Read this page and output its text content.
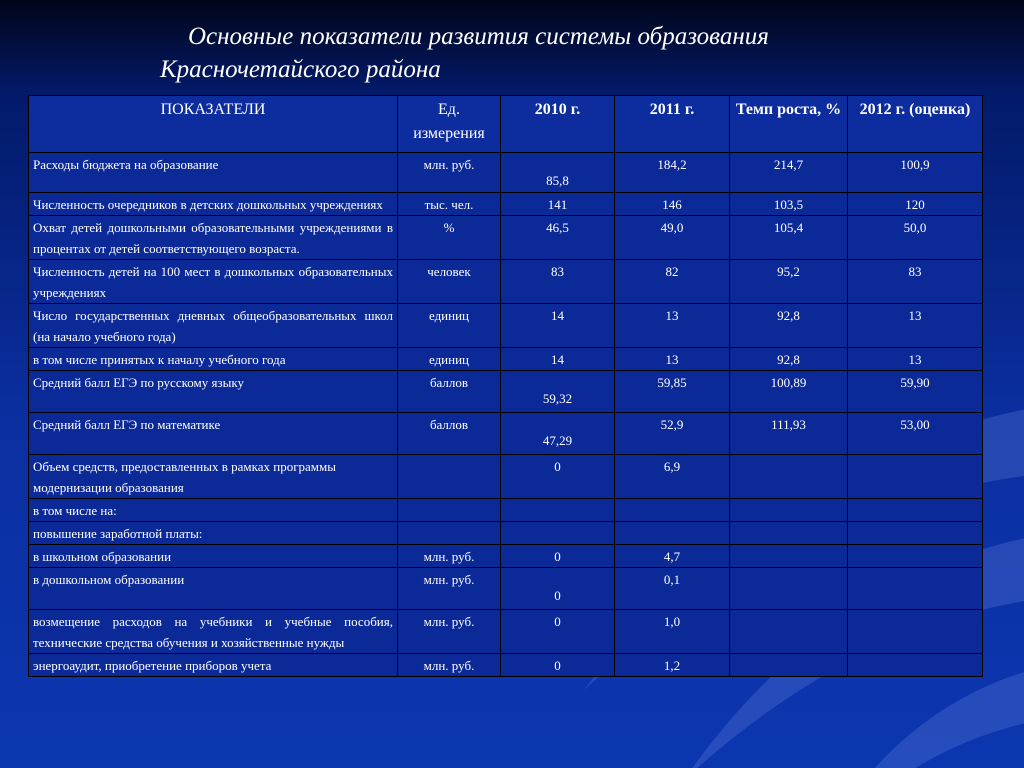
Основные показатели развития системы образования
Красночетайского района
ПОКАЗАТЕЛИ	Ед. измерения	2010 г.	2011 г.	Темп роста, %	2012 г. (оценка)
Расходы бюджета на образование	млн. руб.	85,8	184,2	214,7	100,9
Численность очередников в детских дошкольных учреждениях	тыс. чел.	141	146	103,5	120
Охват детей дошкольными образовательными учреждениями в процентах от детей соответствующего возраста.	%	46,5	49,0	105,4	50,0
Численность детей на 100 мест в дошкольных образовательных учреждениях	человек	83	82	95,2	83
Число государственных дневных общеобразовательных школ (на начало учебного года)	единиц	14	13	92,8	13
в том числе принятых к началу учебного года	единиц	14	13	92,8	13
Средний балл ЕГЭ по русскому языку	баллов	59,32	59,85	100,89	59,90
Средний балл ЕГЭ по математике	баллов	47,29	52,9	111,93	53,00
Объем средств, предоставленных в рамках программы модернизации образования		0	6,9		
в том числе на:					
повышение заработной платы:					
в школьном образовании	млн. руб.	0	4,7		
в дошкольном образовании	млн. руб.	0	0,1		
возмещение расходов на учебники и учебные пособия, технические средства обучения и хозяйственные нужды	млн. руб.	0	1,0		
энергоаудит, приобретение приборов учета	млн. руб.	0	1,2		
